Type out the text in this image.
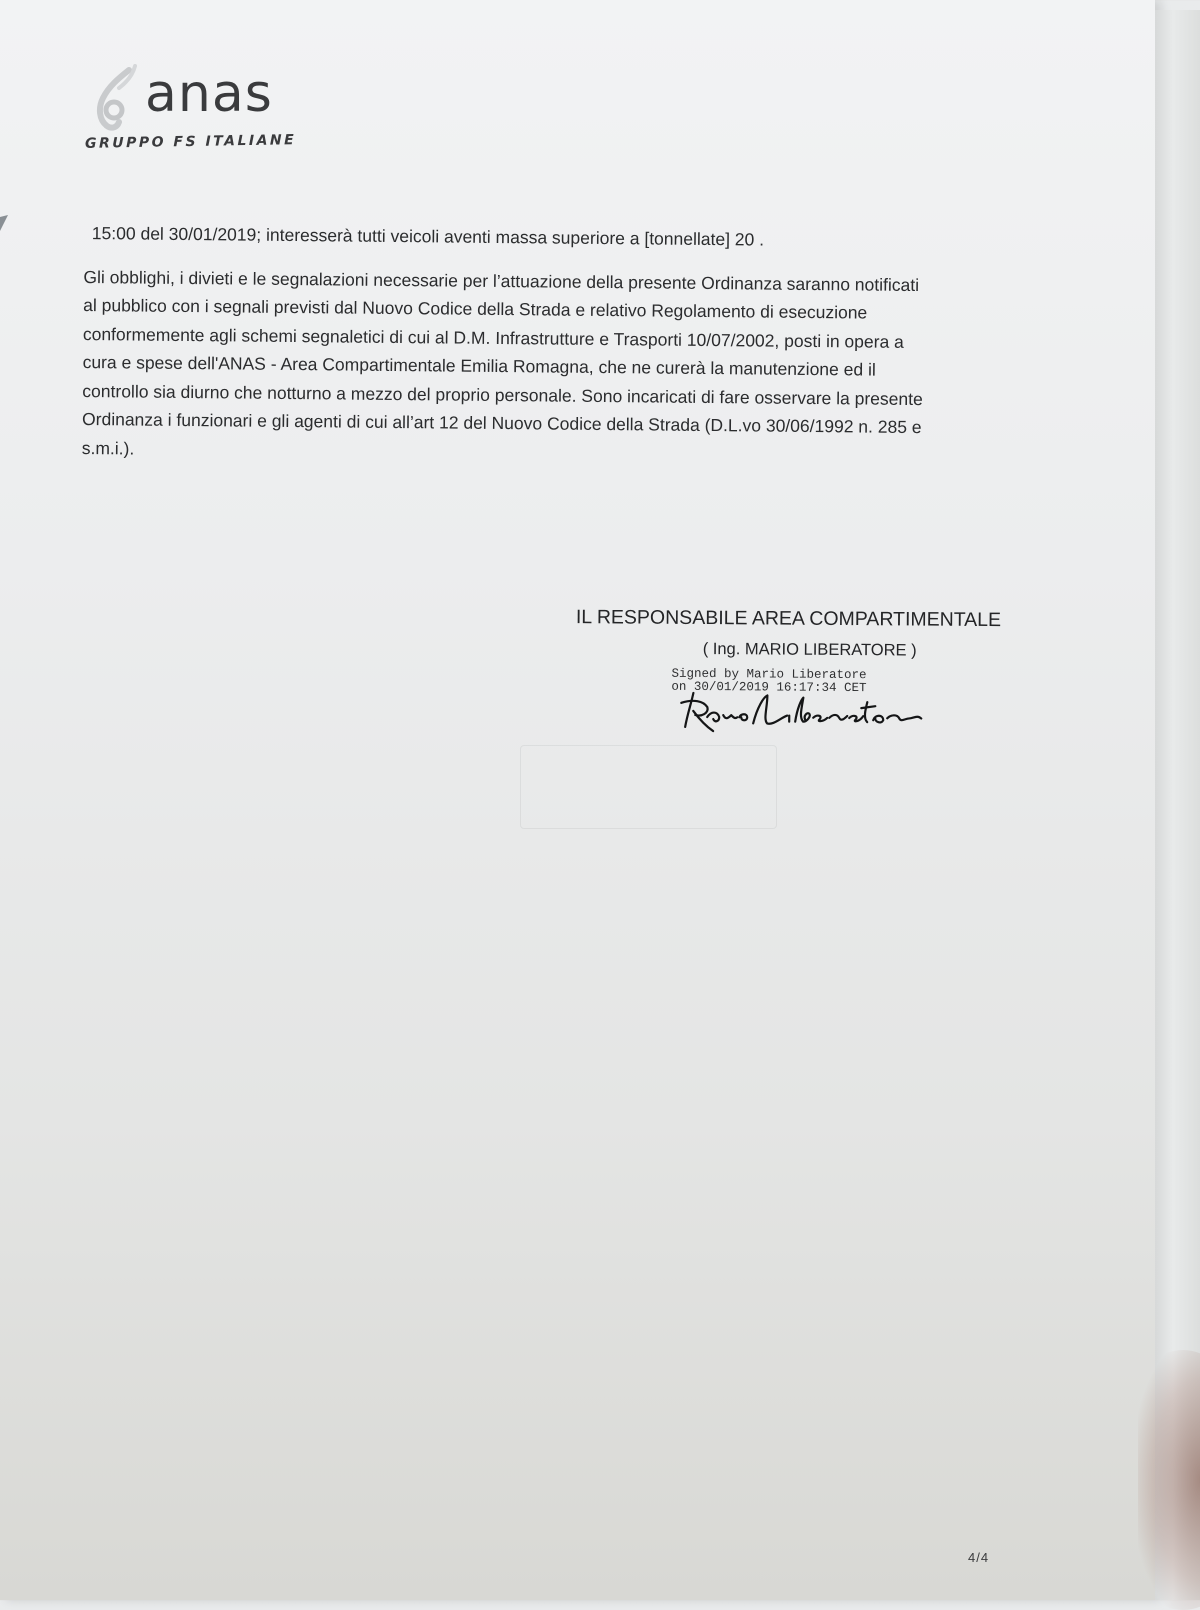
anas
GRUPPO FS ITALIANE

15:00 del 30/01/2019; interesserà tutti veicoli aventi massa superiore a [tonnellate] 20 .

Gli obblighi, i divieti e le segnalazioni necessarie per l’attuazione della presente Ordinanza saranno notificati

al pubblico con i segnali previsti dal Nuovo Codice della Strada e relativo Regolamento di esecuzione

conformemente agli schemi segnaletici di cui al D.M. Infrastrutture e Trasporti 10/07/2002, posti in opera a

cura e spese dell'ANAS - Area Compartimentale Emilia Romagna, che ne curerà la manutenzione ed il

controllo sia diurno che notturno a mezzo del proprio personale. Sono incaricati di fare osservare la presente

Ordinanza i funzionari e gli agenti di cui all’art 12 del Nuovo Codice della Strada (D.L.vo 30/06/1992 n. 285 e

s.m.i.).

IL RESPONSABILE AREA COMPARTIMENTALE
( Ing. MARIO LIBERATORE )
Signed by Mario Liberatore
on 30/01/2019 16:17:34 CET
4/4
